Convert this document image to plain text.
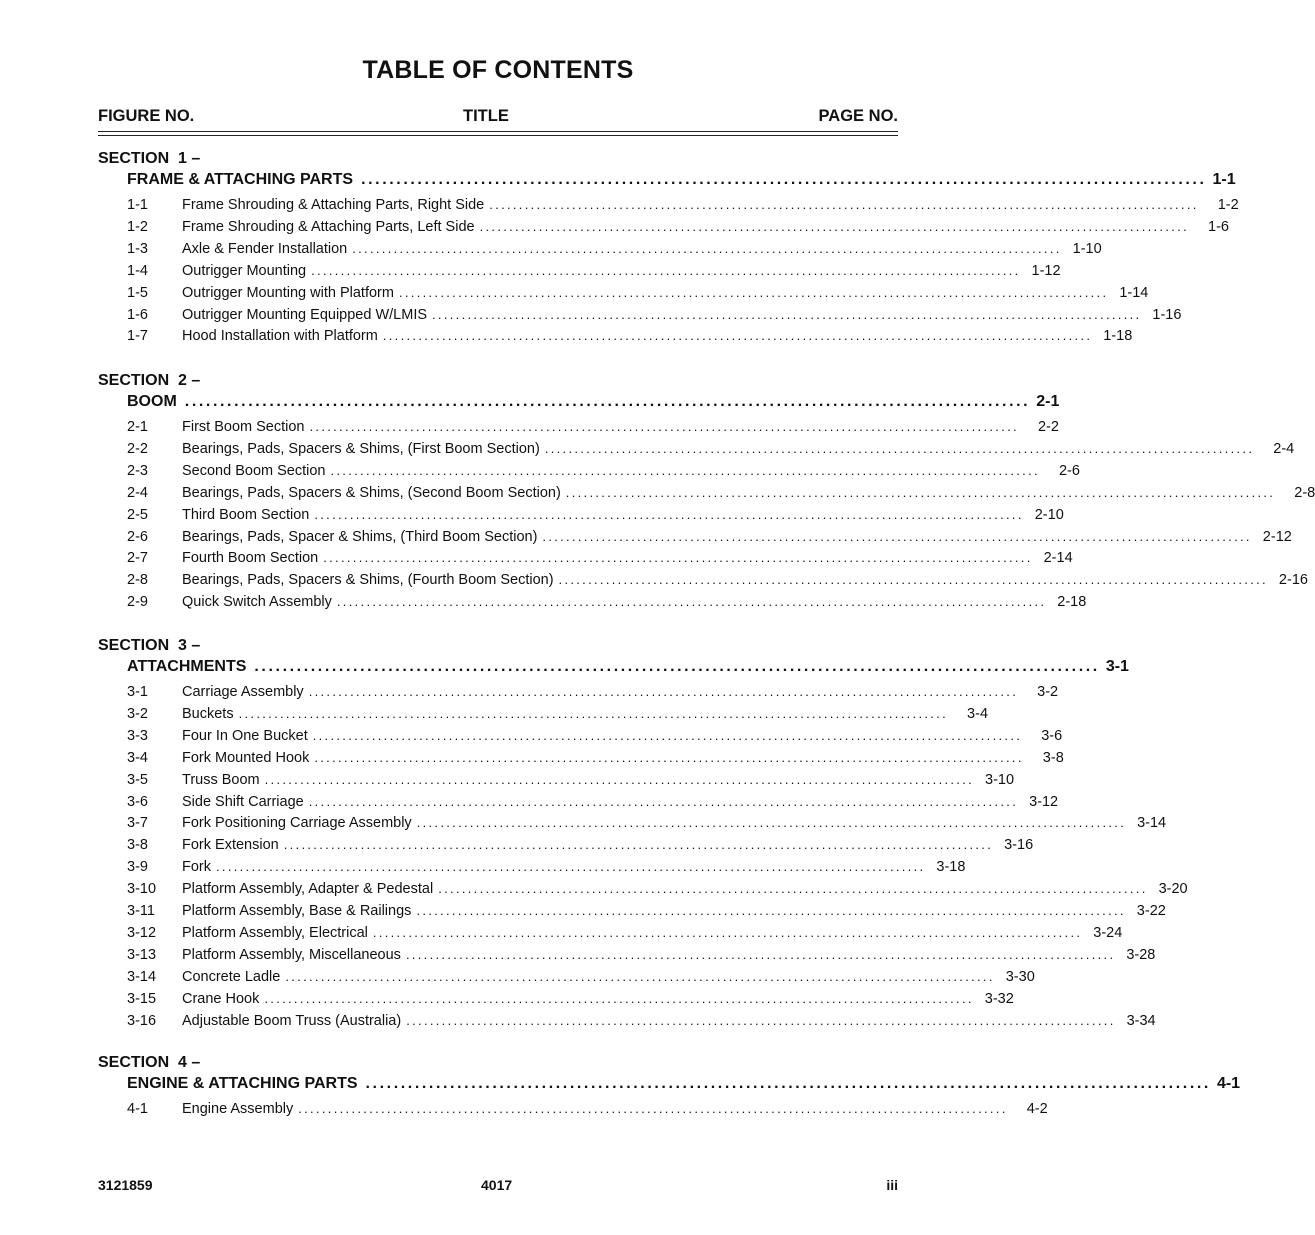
TABLE OF CONTENTS
FIGURE NO.	TITLE	PAGE NO.
SECTION  1 –
FRAME & ATTACHING PARTS ........................................................................................................................ 1-1
1-1	Frame Shrouding & Attaching Parts, Right Side ........................................................................................................................	1-2
1-2	Frame Shrouding & Attaching Parts, Left Side ........................................................................................................................	1-6
1-3	Axle & Fender Installation ........................................................................................................................ 1-10
1-4	Outrigger Mounting ........................................................................................................................ 1-12
1-5	Outrigger Mounting with Platform ........................................................................................................................ 1-14
1-6	Outrigger Mounting Equipped W/LMIS ........................................................................................................................ 1-16
1-7	Hood Installation with Platform ........................................................................................................................ 1-18
SECTION  2 –
BOOM ........................................................................................................................ 2-1
2-1	First Boom Section ........................................................................................................................	2-2
2-2	Bearings, Pads, Spacers & Shims, (First Boom Section) ........................................................................................................................	2-4
2-3	Second Boom Section ........................................................................................................................	2-6
2-4	Bearings, Pads, Spacers & Shims, (Second Boom Section) ........................................................................................................................	2-8
2-5	Third Boom Section ........................................................................................................................ 2-10
2-6	Bearings, Pads, Spacer & Shims, (Third Boom Section) ........................................................................................................................ 2-12
2-7	Fourth Boom Section ........................................................................................................................ 2-14
2-8	Bearings, Pads, Spacers & Shims, (Fourth Boom Section) ........................................................................................................................ 2-16
2-9	Quick Switch Assembly ........................................................................................................................ 2-18
SECTION  3 –
ATTACHMENTS ........................................................................................................................ 3-1
3-1	Carriage Assembly ........................................................................................................................	3-2
3-2	Buckets ........................................................................................................................	3-4
3-3	Four In One Bucket ........................................................................................................................	3-6
3-4	Fork Mounted Hook ........................................................................................................................	3-8
3-5	Truss Boom ........................................................................................................................ 3-10
3-6	Side Shift Carriage ........................................................................................................................ 3-12
3-7	Fork Positioning Carriage Assembly ........................................................................................................................ 3-14
3-8	Fork Extension ........................................................................................................................ 3-16
3-9	Fork ........................................................................................................................ 3-18
3-10	Platform Assembly, Adapter & Pedestal ........................................................................................................................ 3-20
3-11	Platform Assembly, Base & Railings ........................................................................................................................ 3-22
3-12	Platform Assembly, Electrical ........................................................................................................................ 3-24
3-13	Platform Assembly, Miscellaneous ........................................................................................................................ 3-28
3-14	Concrete Ladle ........................................................................................................................ 3-30
3-15	Crane Hook ........................................................................................................................ 3-32
3-16	Adjustable Boom Truss (Australia) ........................................................................................................................ 3-34
SECTION  4 –
ENGINE & ATTACHING PARTS ........................................................................................................................ 4-1
4-1	Engine Assembly ........................................................................................................................	4-2
3121859	4017	iii
